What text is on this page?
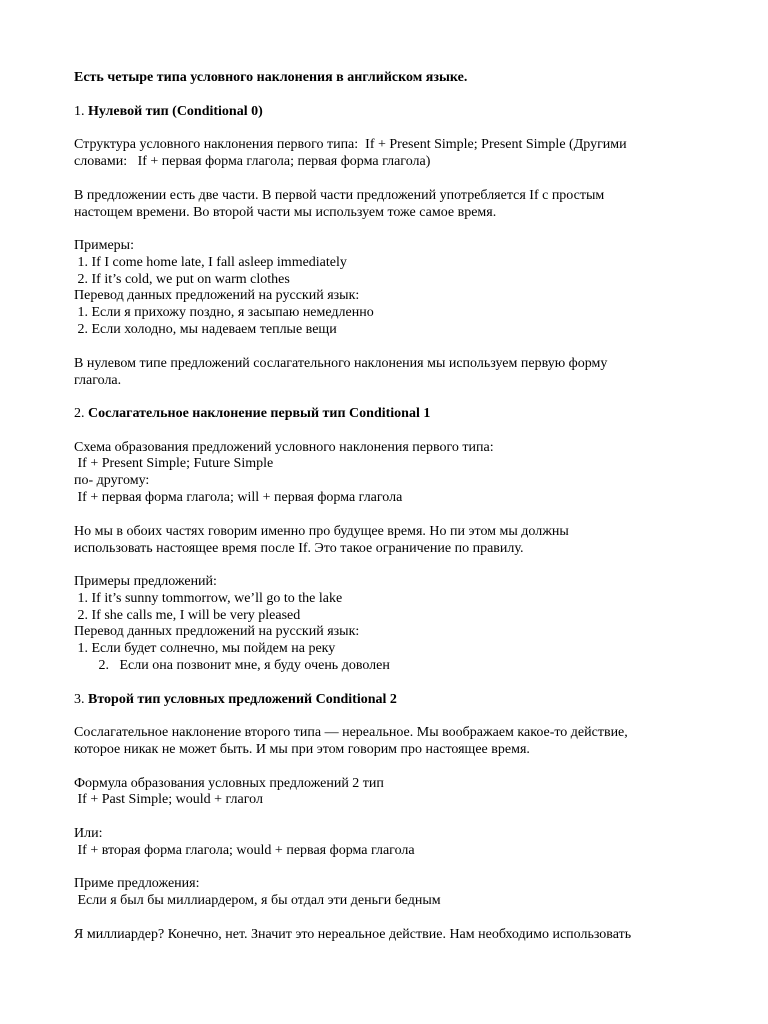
Есть четыре типа условного наклонения в английском языке.
1. Нулевой тип (Conditional 0)
Структура условного наклонения первого типа:  If + Present Simple; Present Simple (Другими
словами:   If + первая форма глагола; первая форма глагола)
В предложении есть две части. В первой части предложений употребляется If с простым
настощем времени. Во второй части мы используем тоже самое время.
Примеры:
1. If I come home late, I fall asleep immediately
2. If it’s cold, we put on warm clothes
Перевод данных предложений на русский язык:
1. Если я прихожу поздно, я засыпаю немедленно
2. Если холодно, мы надеваем теплые вещи
В нулевом типе предложений сослагательного наклонения мы используем первую форму
глагола.
2. Сослагательное наклонение первый тип Conditional 1
Схема образования предложений условного наклонения первого типа:
If + Present Simple; Future Simple
по- другому:
If + первая форма глагола; will + первая форма глагола
Но мы в обоих частях говорим именно про будущее время. Но пи этом мы должны
использовать настоящее время после If. Это такое ограничение по правилу.
Примеры предложений:
1. If it’s sunny tommorrow, we’ll go to the lake
2. If she calls me, I will be very pleased
Перевод данных предложений на русский язык:
1. Если будет солнечно, мы пойдем на реку
2.   Если она позвонит мне, я буду очень доволен
3. Второй тип условных предложений Conditional 2
Сослагательное наклонение второго типа — нереальное. Мы воображаем какое-то действие,
которое никак не может быть. И мы при этом говорим про настоящее время.
Формула образования условных предложений 2 тип
If + Past Simple; would + глагол
Или:
If + вторая форма глагола; would + первая форма глагола
Приме предложения:
Если я был бы миллиардером, я бы отдал эти деньги бедным
Я миллиардер? Конечно, нет. Значит это нереальное действие. Нам необходимо использовать
